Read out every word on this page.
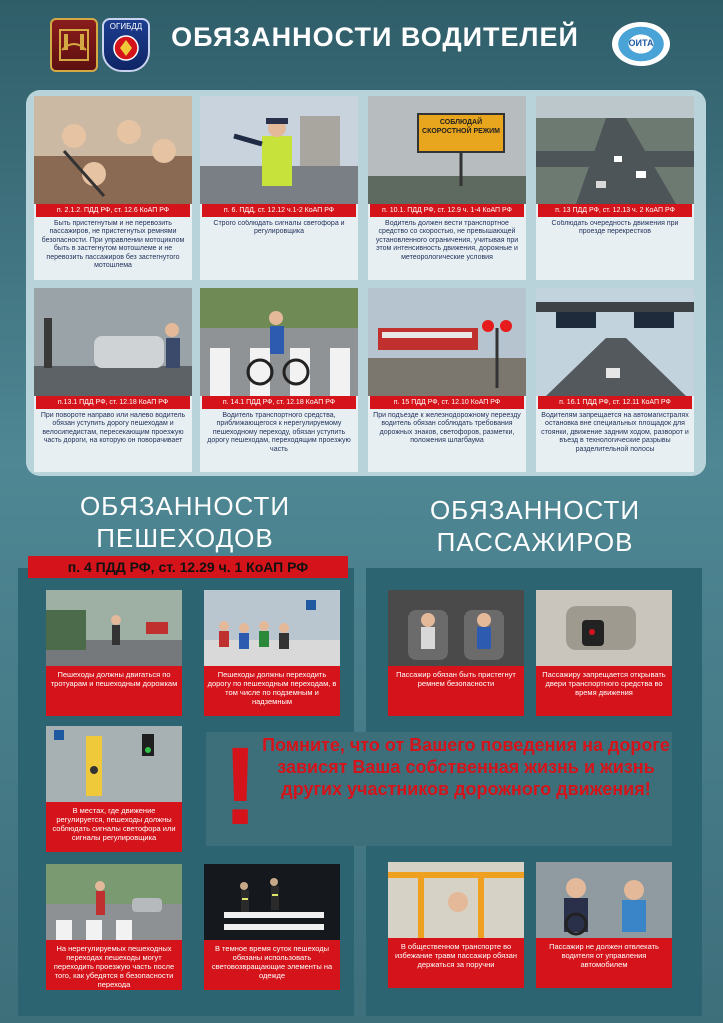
ОГИБДД	ОБЯЗАННОСТИ ВОДИТЕЛЕЙ	ОИТА
п. 2.1.2. ПДД РФ, ст. 12.6 КоАП РФ
Быть пристегнутым и не перевозить пассажиров, не пристегнутых ремнями безопасности. При управлении мотоциклом быть в застегнутом мотошлеме и не перевозить пассажиров без застегнутого мотошлема
п. 6. ПДД, ст. 12.12 ч.1-2 КоАП РФ
Строго соблюдать сигналы светофора и регулировщика
СОБЛЮДАЙ СКОРОСТНОЙ РЕЖИМ
п. 10.1. ПДД РФ, ст. 12.9 ч. 1-4 КоАП РФ
Водитель должен вести транспортное средство со скоростью, не превышающей установленного ограничения, учитывая при этом интенсивность движения, дорожные и метеорологические условия
п. 13 ПДД РФ, ст. 12.13 ч. 2 КоАП РФ
Соблюдать очередность движения при проезде перекрестков
п.13.1 ПДД РФ, ст. 12.18 КоАП РФ
При повороте направо или налево водитель обязан уступить дорогу пешеходам и велосипедистам, пересекающим проезжую часть дороги, на которую он поворачивает
п. 14.1 ПДД РФ, ст. 12.18 КоАП РФ
Водитель транспортного средства, приближающегося к нерегулируемому пешеходному переходу, обязан уступить дорогу пешеходам, переходящим проезжую часть
п. 15 ПДД РФ, ст. 12.10 КоАП РФ
При подъезде к железнодорожному переезду водитель обязан соблюдать требования дорожных знаков, светофоров, разметки, положения шлагбаума
п. 16.1 ПДД РФ, ст. 12.11 КоАП РФ
Водителям запрещается на автомагистралях остановка вне специальных площадок для стоянки, движение задним ходом, разворот и въезд в технологические разрывы разделительной полосы
ОБЯЗАННОСТИ ПЕШЕХОДОВ
ОБЯЗАННОСТИ ПАССАЖИРОВ
п. 4 ПДД РФ, ст. 12.29 ч. 1 КоАП РФ
Пешеходы должны двигаться по тротуарам и пешеходным дорожкам
Пешеходы должны переходить дорогу по пешеходным переходам, в том числе по подземным и надземным
В местах, где движение регулируется, пешеходы должны соблюдать сигналы светофора или сигналы регулировщика
На нерегулируемых пешеходных переходах пешеходы могут переходить проезжую часть после того, как убедятся в безопасности перехода
В темное время суток пешеходы обязаны использовать световозвращающие элементы на одежде
Пассажир обязан быть пристегнут ремнем безопасности
Пассажиру запрещается открывать двери транспортного средства во время движения
В общественном транспорте во избежание травм пассажир обязан держаться за поручни
Пассажир не должен отвлекать водителя от управления автомобилем
! Помните, что от Вашего поведения на дороге зависят Ваша собственная жизнь и жизнь других участников дорожного движения!
